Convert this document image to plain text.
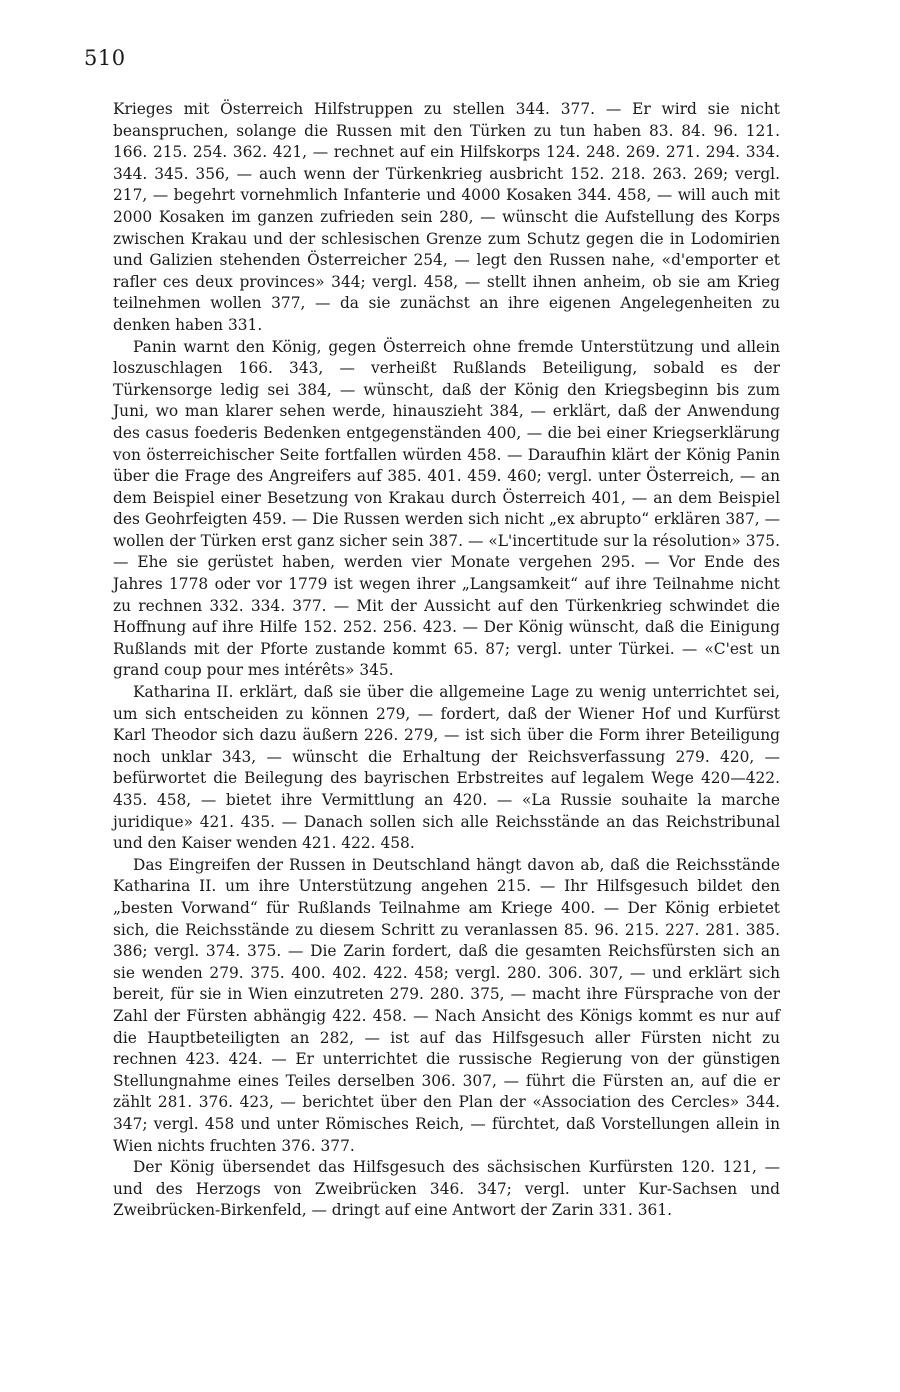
510

Krieges mit Österreich Hilfstruppen zu stellen 344. 377. — Er wird sie nicht beanspruchen, solange die Russen mit den Türken zu tun haben 83. 84. 96. 121. 166. 215. 254. 362. 421, — rechnet auf ein Hilfskorps 124. 248. 269. 271. 294. 334. 344. 345. 356, — auch wenn der Türkenkrieg ausbricht 152. 218. 263. 269; vergl. 217, — begehrt vornehmlich Infanterie und 4000 Kosaken 344. 458, — will auch mit 2000 Kosaken im ganzen zufrieden sein 280, — wünscht die Aufstellung des Korps zwischen Krakau und der schlesischen Grenze zum Schutz gegen die in Lodomirien und Galizien stehenden Österreicher 254, — legt den Russen nahe, «d'emporter et rafler ces deux provinces» 344; vergl. 458, — stellt ihnen anheim, ob sie am Krieg teilnehmen wollen 377, — da sie zunächst an ihre eigenen Angelegenheiten zu denken haben 331.

Panin warnt den König, gegen Österreich ohne fremde Unterstützung und allein loszuschlagen 166. 343, — verheißt Rußlands Beteiligung, sobald es der Türkensorge ledig sei 384, — wünscht, daß der König den Kriegsbeginn bis zum Juni, wo man klarer sehen werde, hinauszieht 384, — erklärt, daß der Anwendung des casus foederis Bedenken entgegenständen 400, — die bei einer Kriegserklärung von österreichischer Seite fortfallen würden 458. — Daraufhin klärt der König Panin über die Frage des Angreifers auf 385. 401. 459. 460; vergl. unter Österreich, — an dem Beispiel einer Besetzung von Krakau durch Österreich 401, — an dem Beispiel des Geohrfeigten 459. — Die Russen werden sich nicht „ex abrupto“ erklären 387, — wollen der Türken erst ganz sicher sein 387. — «L'incertitude sur la résolution» 375. — Ehe sie gerüstet haben, werden vier Monate vergehen 295. — Vor Ende des Jahres 1778 oder vor 1779 ist wegen ihrer „Langsamkeit“ auf ihre Teilnahme nicht zu rechnen 332. 334. 377. — Mit der Aussicht auf den Türkenkrieg schwindet die Hoffnung auf ihre Hilfe 152. 252. 256. 423. — Der König wünscht, daß die Einigung Rußlands mit der Pforte zustande kommt 65. 87; vergl. unter Türkei. — «C'est un grand coup pour mes intérêts» 345.

Katharina II. erklärt, daß sie über die allgemeine Lage zu wenig unterrichtet sei, um sich entscheiden zu können 279, — fordert, daß der Wiener Hof und Kurfürst Karl Theodor sich dazu äußern 226. 279, — ist sich über die Form ihrer Beteiligung noch unklar 343, — wünscht die Erhaltung der Reichsverfassung 279. 420, — befürwortet die Beilegung des bayrischen Erbstreites auf legalem Wege 420—422. 435. 458, — bietet ihre Vermittlung an 420. — «La Russie souhaite la marche juridique» 421. 435. — Danach sollen sich alle Reichsstände an das Reichstribunal und den Kaiser wenden 421. 422. 458.

Das Eingreifen der Russen in Deutschland hängt davon ab, daß die Reichsstände Katharina II. um ihre Unterstützung angehen 215. — Ihr Hilfsgesuch bildet den „besten Vorwand“ für Rußlands Teilnahme am Kriege 400. — Der König erbietet sich, die Reichsstände zu diesem Schritt zu veranlassen 85. 96. 215. 227. 281. 385. 386; vergl. 374. 375. — Die Zarin fordert, daß die gesamten Reichsfürsten sich an sie wenden 279. 375. 400. 402. 422. 458; vergl. 280. 306. 307, — und erklärt sich bereit, für sie in Wien einzutreten 279. 280. 375, — macht ihre Fürsprache von der Zahl der Fürsten abhängig 422. 458. — Nach Ansicht des Königs kommt es nur auf die Hauptbeteiligten an 282, — ist auf das Hilfsgesuch aller Fürsten nicht zu rechnen 423. 424. — Er unterrichtet die russische Regierung von der günstigen Stellungnahme eines Teiles derselben 306. 307, — führt die Fürsten an, auf die er zählt 281. 376. 423, — berichtet über den Plan der «Association des Cercles» 344. 347; vergl. 458 und unter Römisches Reich, — fürchtet, daß Vorstellungen allein in Wien nichts fruchten 376. 377.

Der König übersendet das Hilfsgesuch des sächsischen Kurfürsten 120. 121, — und des Herzogs von Zweibrücken 346. 347; vergl. unter Kur-Sachsen und Zweibrücken-Birkenfeld, — dringt auf eine Antwort der Zarin 331. 361.
